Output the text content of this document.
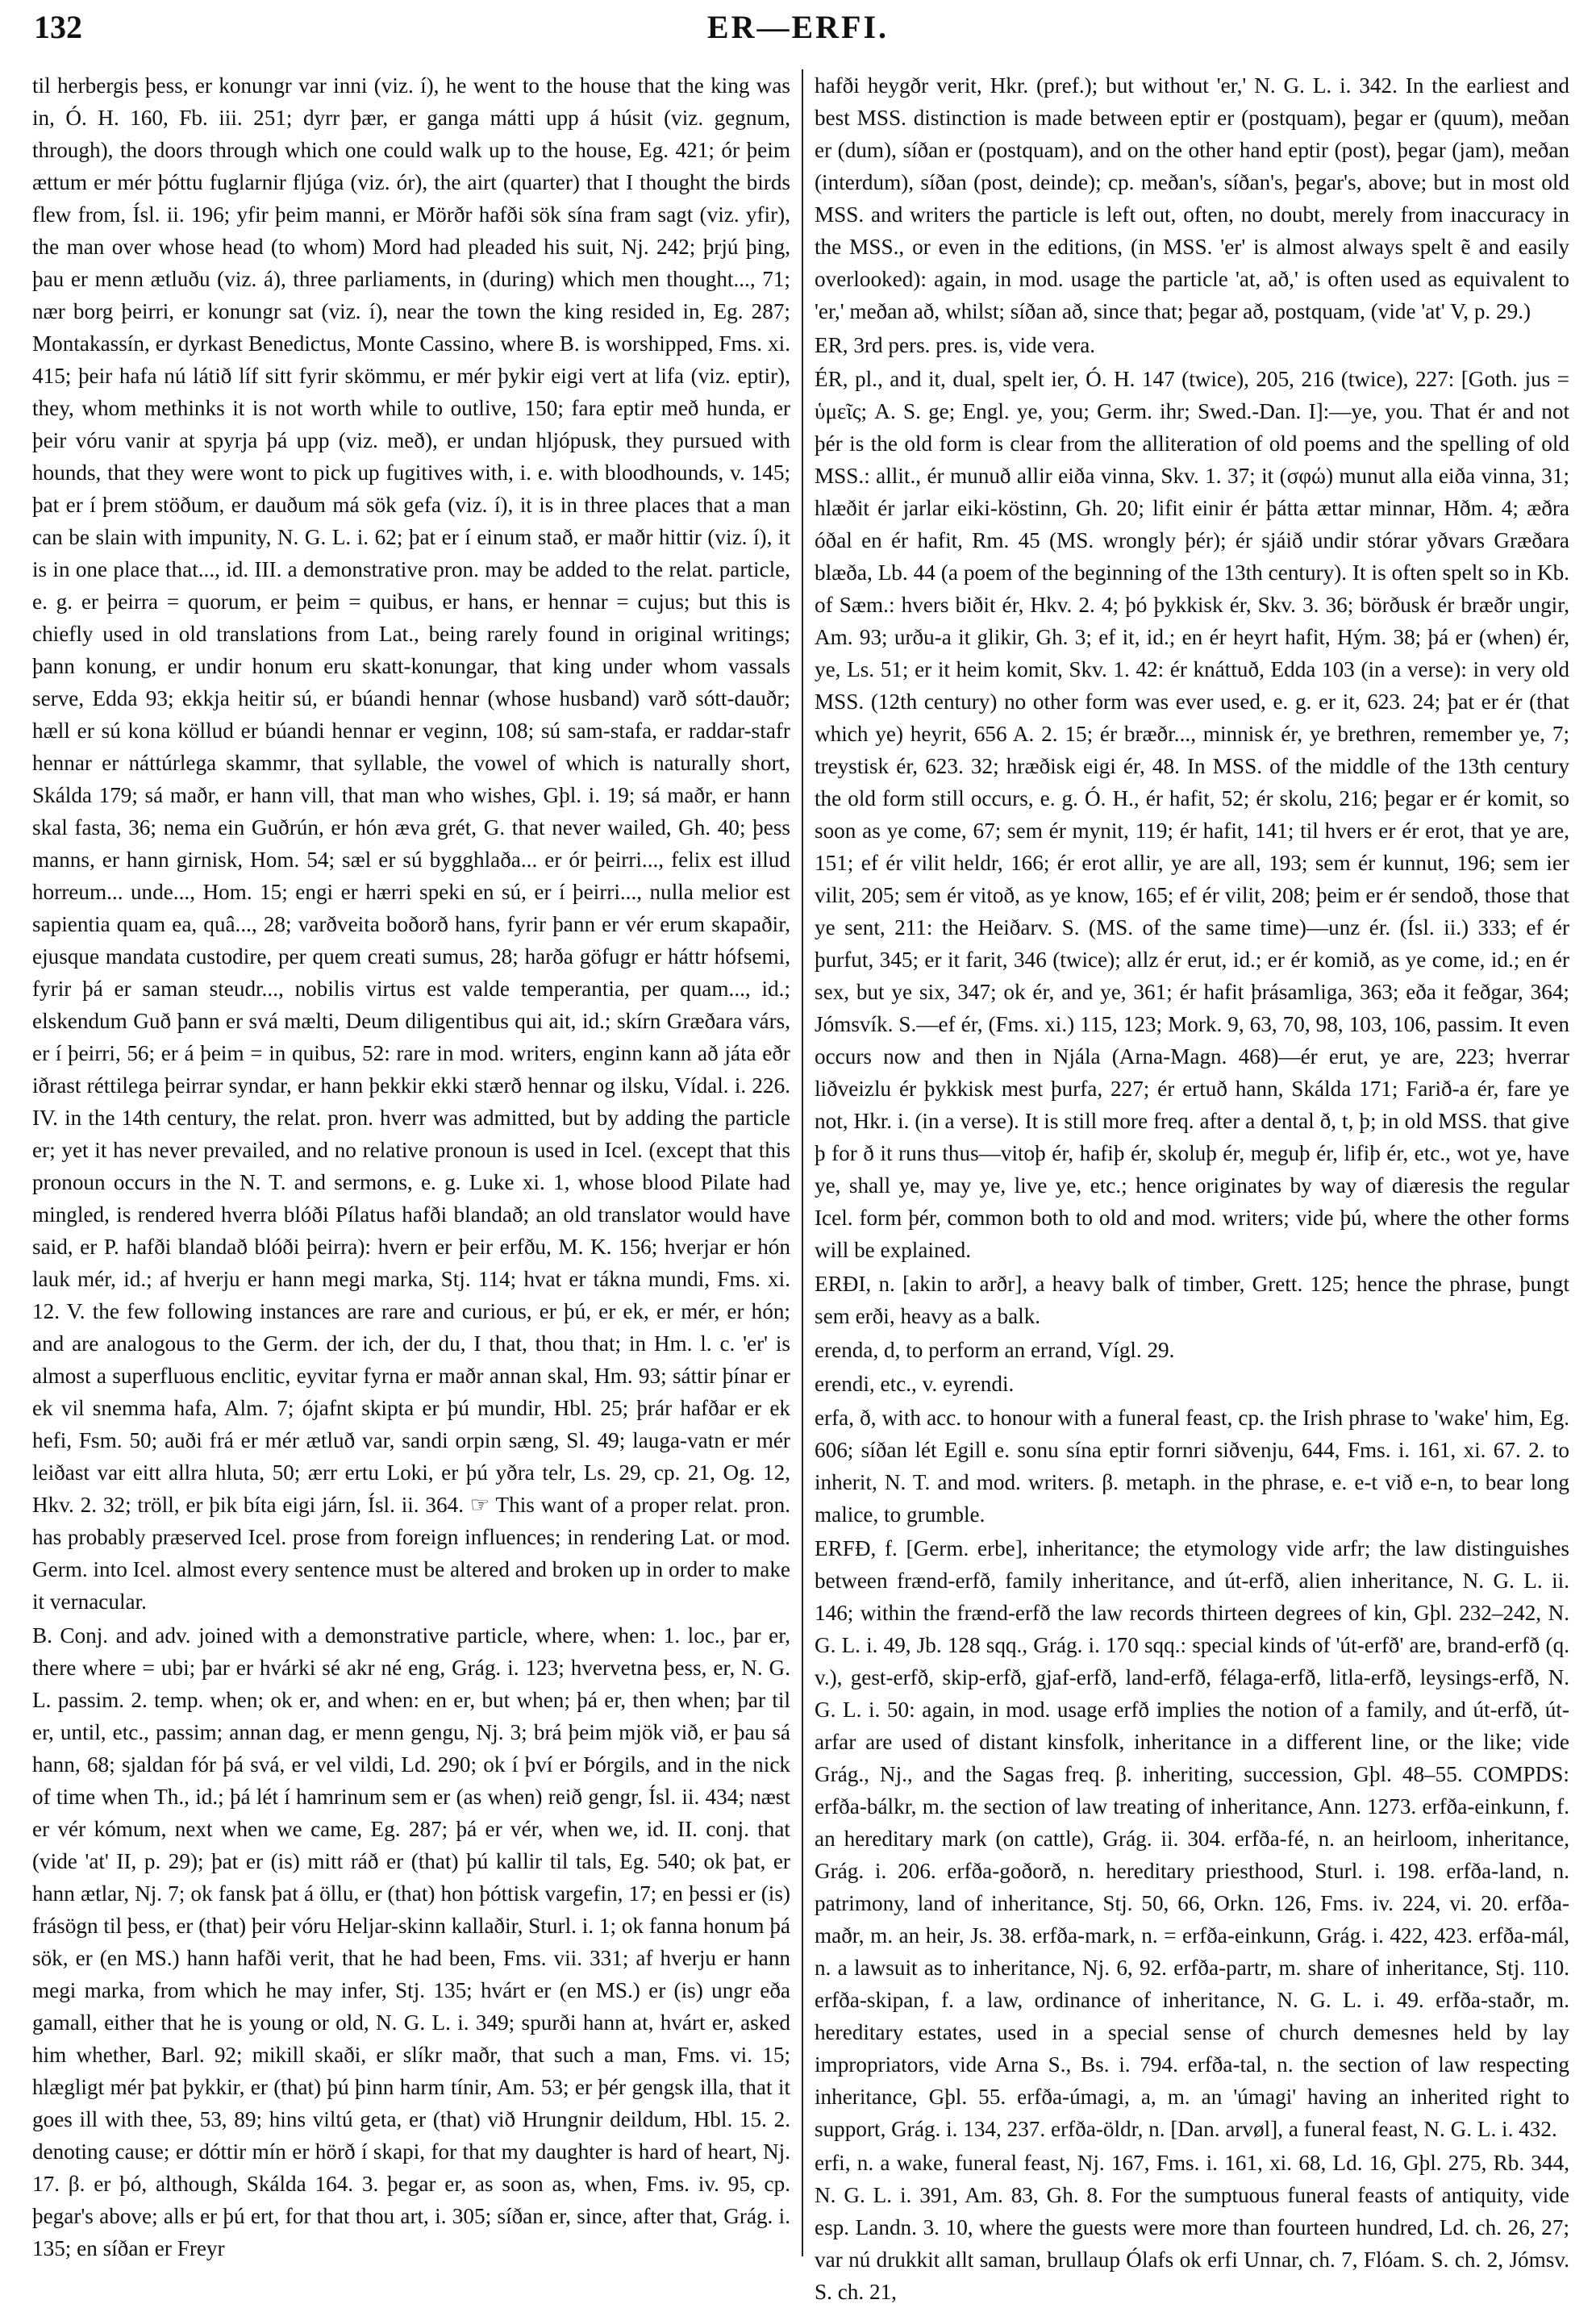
132	ER—ERFI.

til herbergis þess, er konungr var inni (viz. í), he went to the house that the king was in, Ó. H. 160, Fb. iii. 251; dyrr þær, er ganga mátti upp á húsit (viz. gegnum, through), the doors through which one could walk up to the house, Eg. 421; ór þeim ættum er mér þóttu fuglarnir fljúga (viz. ór), the airt (quarter) that I thought the birds flew from, Ísl. ii. 196; yfir þeim manni, er Mörðr hafði sök sína fram sagt (viz. yfir), the man over whose head (to whom) Mord had pleaded his suit, Nj. 242; þrjú þing, þau er menn ætluðu (viz. á), three parliaments, in (during) which men thought..., 71; nær borg þeirri, er konungr sat (viz. í), near the town the king resided in, Eg. 287; Montakassín, er dyrkast Benedictus, Monte Cassino, where B. is worshipped, Fms. xi. 415; þeir hafa nú látið líf sitt fyrir skömmu, er mér þykir eigi vert at lifa (viz. eptir), they, whom methinks it is not worth while to outlive, 150; fara eptir með hunda, er þeir vóru vanir at spyrja þá upp (viz. með), er undan hljópusk, they pursued with hounds, that they were wont to pick up fugitives with, i. e. with bloodhounds, v. 145; þat er í þrem stöðum, er dauðum má sök gefa (viz. í), it is in three places that a man can be slain with impunity, N. G. L. i. 62; þat er í einum stað, er maðr hittir (viz. í), it is in one place that..., id. III. a demonstrative pron. may be added to the relat. particle, e. g. er þeirra = quorum, er þeim = quibus, er hans, er hennar = cujus; but this is chiefly used in old translations from Lat., being rarely found in original writings; þann konung, er undir honum eru skatt-konungar, that king under whom vassals serve, Edda 93; ekkja heitir sú, er búandi hennar (whose husband) varð sótt-dauðr; hæll er sú kona köllud er búandi hennar er veginn, 108; sú sam-stafa, er raddar-stafr hennar er náttúrlega skammr, that syllable, the vowel of which is naturally short, Skálda 179; sá maðr, er hann vill, that man who wishes, Gþl. i. 19; sá maðr, er hann skal fasta, 36; nema ein Guðrún, er hón æva grét, G. that never wailed, Gh. 40; þess manns, er hann girnisk, Hom. 54; sæl er sú bygghlaða... er ór þeirri..., felix est illud horreum... unde..., Hom. 15; engi er hærri speki en sú, er í þeirri..., nulla melior est sapientia quam ea, quâ..., 28; varðveita boðorð hans, fyrir þann er vér erum skapaðir, ejusque mandata custodire, per quem creati sumus, 28; harða göfugr er háttr hófsemi, fyrir þá er saman steudr..., nobilis virtus est valde temperantia, per quam..., id.; elskendum Guð þann er svá mælti, Deum diligentibus qui ait, id.; skírn Græðara várs, er í þeirri, 56; er á þeim = in quibus, 52: rare in mod. writers, enginn kann að játa eðr iðrast réttilega þeirrar syndar, er hann þekkir ekki stærð hennar og ilsku, Vídal. i. 226. IV. in the 14th century, the relat. pron. hverr was admitted, but by adding the particle er; yet it has never prevailed, and no relative pronoun is used in Icel. (except that this pronoun occurs in the N. T. and sermons, e. g. Luke xi. 1, whose blood Pilate had mingled, is rendered hverra blóði Pílatus hafði blandað; an old translator would have said, er P. hafði blandað blóði þeirra): hvern er þeir erfðu, M. K. 156; hverjar er hón lauk mér, id.; af hverju er hann megi marka, Stj. 114; hvat er tákna mundi, Fms. xi. 12. V. the few following instances are rare and curious, er þú, er ek, er mér, er hón; and are analogous to the Germ. der ich, der du, I that, thou that; in Hm. l. c. 'er' is almost a superfluous enclitic, eyvitar fyrna er maðr annan skal, Hm. 93; sáttir þínar er ek vil snemma hafa, Alm. 7; ójafnt skipta er þú mundir, Hbl. 25; þrár hafðar er ek hefi, Fsm. 50; auði frá er mér ætluð var, sandi orpin sæng, Sl. 49; lauga-vatn er mér leiðast var eitt allra hluta, 50; ærr ertu Loki, er þú yðra telr, Ls. 29, cp. 21, Og. 12, Hkv. 2. 32; tröll, er þik bíta eigi járn, Ísl. ii. 364. ☞ This want of a proper relat. pron. has probably præserved Icel. prose from foreign influences; in rendering Lat. or mod. Germ. into Icel. almost every sentence must be altered and broken up in order to make it vernacular.

B. Conj. and adv. joined with a demonstrative particle, where, when: 1. loc., þar er, there where = ubi; þar er hvárki sé akr né eng, Grág. i. 123; hvervetna þess, er, N. G. L. passim. 2. temp. when; ok er, and when: en er, but when; þá er, then when; þar til er, until, etc., passim; annan dag, er menn gengu, Nj. 3; brá þeim mjök við, er þau sá hann, 68; sjaldan fór þá svá, er vel vildi, Ld. 290; ok í því er Þórgils, and in the nick of time when Th., id.; þá lét í hamrinum sem er (as when) reið gengr, Ísl. ii. 434; næst er vér kómum, next when we came, Eg. 287; þá er vér, when we, id. II. conj. that (vide 'at' II, p. 29); þat er (is) mitt ráð er (that) þú kallir til tals, Eg. 540; ok þat, er hann ætlar, Nj. 7; ok fansk þat á öllu, er (that) hon þóttisk vargefin, 17; en þessi er (is) frásögn til þess, er (that) þeir vóru Heljar-skinn kallaðir, Sturl. i. 1; ok fanna honum þá sök, er (en MS.) hann hafði verit, that he had been, Fms. vii. 331; af hverju er hann megi marka, from which he may infer, Stj. 135; hvárt er (en MS.) er (is) ungr eða gamall, either that he is young or old, N. G. L. i. 349; spurði hann at, hvárt er, asked him whether, Barl. 92; mikill skaði, er slíkr maðr, that such a man, Fms. vi. 15; hlægligt mér þat þykkir, er (that) þú þinn harm tínir, Am. 53; er þér gengsk illa, that it goes ill with thee, 53, 89; hins viltú geta, er (that) við Hrungnir deildum, Hbl. 15. 2. denoting cause; er dóttir mín er hörð í skapi, for that my daughter is hard of heart, Nj. 17. β. er þó, although, Skálda 164. 3. þegar er, as soon as, when, Fms. iv. 95, cp. þegar's above; alls er þú ert, for that thou art, i. 305; síðan er, since, after that, Grág. i. 135; en síðan er Freyr

hafði heygðr verit, Hkr. (pref.); but without 'er,' N. G. L. i. 342. In the earliest and best MSS. distinction is made between eptir er (postquam), þegar er (quum), meðan er (dum), síðan er (postquam), and on the other hand eptir (post), þegar (jam), meðan (interdum), síðan (post, deinde); cp. meðan's, síðan's, þegar's, above; but in most old MSS. and writers the particle is left out, often, no doubt, merely from inaccuracy in the MSS., or even in the editions, (in MSS. 'er' is almost always spelt ẽ and easily overlooked): again, in mod. usage the particle 'at, að,' is often used as equivalent to 'er,' meðan að, whilst; síðan að, since that; þegar að, postquam, (vide 'at' V, p. 29.)

ER, 3rd pers. pres. is, vide vera.

ÉR, pl., and it, dual, spelt ier, Ó. H. 147 (twice), 205, 216 (twice), 227: [Goth. jus = ὑμεῖς; A. S. ge; Engl. ye, you; Germ. ihr; Swed.-Dan. I]:—ye, you. That ér and not þér is the old form is clear from the alliteration of old poems and the spelling of old MSS.: allit., ér munuð allir eiða vinna, Skv. 1. 37; it (σφώ) munut alla eiða vinna, 31; hlæðit ér jarlar eiki-köstinn, Gh. 20; lifit einir ér þátta ættar minnar, Hðm. 4; æðra óðal en ér hafit, Rm. 45 (MS. wrongly þér); ér sjáið undir stórar yðvars Græðara blæða, Lb. 44 (a poem of the beginning of the 13th century). It is often spelt so in Kb. of Sæm.: hvers biðit ér, Hkv. 2. 4; þó þykkisk ér, Skv. 3. 36; börðusk ér bræðr ungir, Am. 93; urðu-a it glikir, Gh. 3; ef it, id.; en ér heyrt hafit, Hým. 38; þá er (when) ér, ye, Ls. 51; er it heim komit, Skv. 1. 42: ér knáttuð, Edda 103 (in a verse): in very old MSS. (12th century) no other form was ever used, e. g. er it, 623. 24; þat er ér (that which ye) heyrit, 656 A. 2. 15; ér bræðr..., minnisk ér, ye brethren, remember ye, 7; treystisk ér, 623. 32; hræðisk eigi ér, 48. In MSS. of the middle of the 13th century the old form still occurs, e. g. Ó. H., ér hafit, 52; ér skolu, 216; þegar er ér komit, so soon as ye come, 67; sem ér mynit, 119; ér hafit, 141; til hvers er ér erot, that ye are, 151; ef ér vilit heldr, 166; ér erot allir, ye are all, 193; sem ér kunnut, 196; sem ier vilit, 205; sem ér vitoð, as ye know, 165; ef ér vilit, 208; þeim er ér sendoð, those that ye sent, 211: the Heiðarv. S. (MS. of the same time)—unz ér. (Ísl. ii.) 333; ef ér þurfut, 345; er it farit, 346 (twice); allz ér erut, id.; er ér komið, as ye come, id.; en ér sex, but ye six, 347; ok ér, and ye, 361; ér hafit þrásamliga, 363; eða it feðgar, 364; Jómsvík. S.—ef ér, (Fms. xi.) 115, 123; Mork. 9, 63, 70, 98, 103, 106, passim. It even occurs now and then in Njála (Arna-Magn. 468)—ér erut, ye are, 223; hverrar liðveizlu ér þykkisk mest þurfa, 227; ér ertuð hann, Skálda 171; Farið-a ér, fare ye not, Hkr. i. (in a verse). It is still more freq. after a dental ð, t, þ; in old MSS. that give þ for ð it runs thus—vitoþ ér, hafiþ ér, skoluþ ér, meguþ ér, lifiþ ér, etc., wot ye, have ye, shall ye, may ye, live ye, etc.; hence originates by way of diæresis the regular Icel. form þér, common both to old and mod. writers; vide þú, where the other forms will be explained.

ERÐI, n. [akin to arðr], a heavy balk of timber, Grett. 125; hence the phrase, þungt sem erði, heavy as a balk.

erenda, d, to perform an errand, Vígl. 29.

erendi, etc., v. eyrendi.

erfa, ð, with acc. to honour with a funeral feast, cp. the Irish phrase to 'wake' him, Eg. 606; síðan lét Egill e. sonu sína eptir fornri siðvenju, 644, Fms. i. 161, xi. 67. 2. to inherit, N. T. and mod. writers. β. metaph. in the phrase, e. e-t við e-n, to bear long malice, to grumble.

ERFÐ, f. [Germ. erbe], inheritance; the etymology vide arfr; the law distinguishes between frænd-erfð, family inheritance, and út-erfð, alien inheritance, N. G. L. ii. 146; within the frænd-erfð the law records thirteen degrees of kin, Gþl. 232–242, N. G. L. i. 49, Jb. 128 sqq., Grág. i. 170 sqq.: special kinds of 'út-erfð' are, brand-erfð (q. v.), gest-erfð, skip-erfð, gjaf-erfð, land-erfð, félaga-erfð, litla-erfð, leysings-erfð, N. G. L. i. 50: again, in mod. usage erfð implies the notion of a family, and út-erfð, út-arfar are used of distant kinsfolk, inheritance in a different line, or the like; vide Grág., Nj., and the Sagas freq. β. inheriting, succession, Gþl. 48–55. COMPDS: erfða-bálkr, m. the section of law treating of inheritance, Ann. 1273. erfða-einkunn, f. an hereditary mark (on cattle), Grág. ii. 304. erfða-fé, n. an heirloom, inheritance, Grág. i. 206. erfða-goðorð, n. hereditary priesthood, Sturl. i. 198. erfða-land, n. patrimony, land of inheritance, Stj. 50, 66, Orkn. 126, Fms. iv. 224, vi. 20. erfða-maðr, m. an heir, Js. 38. erfða-mark, n. = erfða-einkunn, Grág. i. 422, 423. erfða-mál, n. a lawsuit as to inheritance, Nj. 6, 92. erfða-partr, m. share of inheritance, Stj. 110. erfða-skipan, f. a law, ordinance of inheritance, N. G. L. i. 49. erfða-staðr, m. hereditary estates, used in a special sense of church demesnes held by lay impropriators, vide Arna S., Bs. i. 794. erfða-tal, n. the section of law respecting inheritance, Gþl. 55. erfða-úmagi, a, m. an 'úmagi' having an inherited right to support, Grág. i. 134, 237. erfða-öldr, n. [Dan. arvøl], a funeral feast, N. G. L. i. 432.

erfi, n. a wake, funeral feast, Nj. 167, Fms. i. 161, xi. 68, Ld. 16, Gþl. 275, Rb. 344, N. G. L. i. 391, Am. 83, Gh. 8. For the sumptuous funeral feasts of antiquity, vide esp. Landn. 3. 10, where the guests were more than fourteen hundred, Ld. ch. 26, 27; var nú drukkit allt saman, brullaup Ólafs ok erfi Unnar, ch. 7, Flóam. S. ch. 2, Jómsv. S. ch. 21,
